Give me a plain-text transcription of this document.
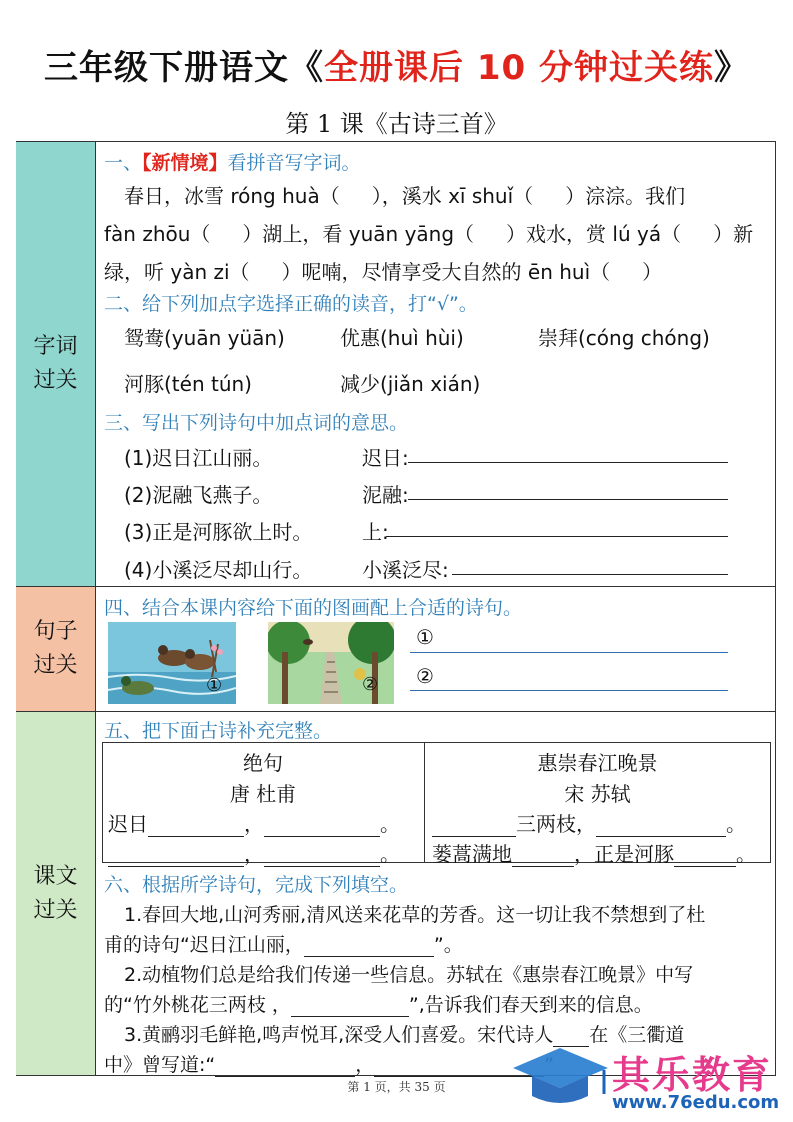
三年级下册语文《全册课后 10 分钟过关练》
第 1 课《古诗三首》
字词
过关
句子
过关
课文
过关
一、【新情境】看拼音写字词。
春日，冰雪 róng huà（ ），溪水 xī shuǐ（ ）淙淙。我们
fàn zhōu（ ）湖上，看 yuān yāng（ ）戏水，赏 lú yá（ ）新
绿，听 yàn zi（ ）呢喃，尽情享受大自然的 ēn huì（ ）
二、给下列加点字选择正确的读音，打“√”。
鸳鸯(yuān yüān)	优惠(huì hùi)	崇拜(cóng chóng)
河豚(tén tún)	减少(jiǎn xián)
三、写出下列诗句中加点词的意思。
(1)迟日江山丽。	迟日:
(2)泥融飞燕子。	泥融:
(3)正是河豚欲上时。 上:
(4)小溪泛尽却山行。 小溪泛尽:
四、结合本课内容给下面的图画配上合适的诗句。
①	②
①
②
五、把下面古诗补充完整。
绝句
唐 杜甫
迟日	，	。
，	。
惠崇春江晚景
宋 苏轼
三两枝，	。
蒌蒿满地	，正是河豚	。
六、根据所学诗句，完成下列填空。
1.春回大地,山河秀丽,清风送来花草的芳香。这一切让我不禁想到了杜
甫的诗句“迟日江山丽，	”。
2.动植物们总是给我们传递一些信息。苏轼在《惠崇春江晚景》中写
的“竹外桃花三两枝 ，	”,告诉我们春天到来的信息。
3.黄鹂羽毛鲜艳,鸣声悦耳,深受人们喜爱。宋代诗人 在《三衢道
中》曾写道:“	，
第 1 页，共 35 页	其乐教育
www.76edu.com
